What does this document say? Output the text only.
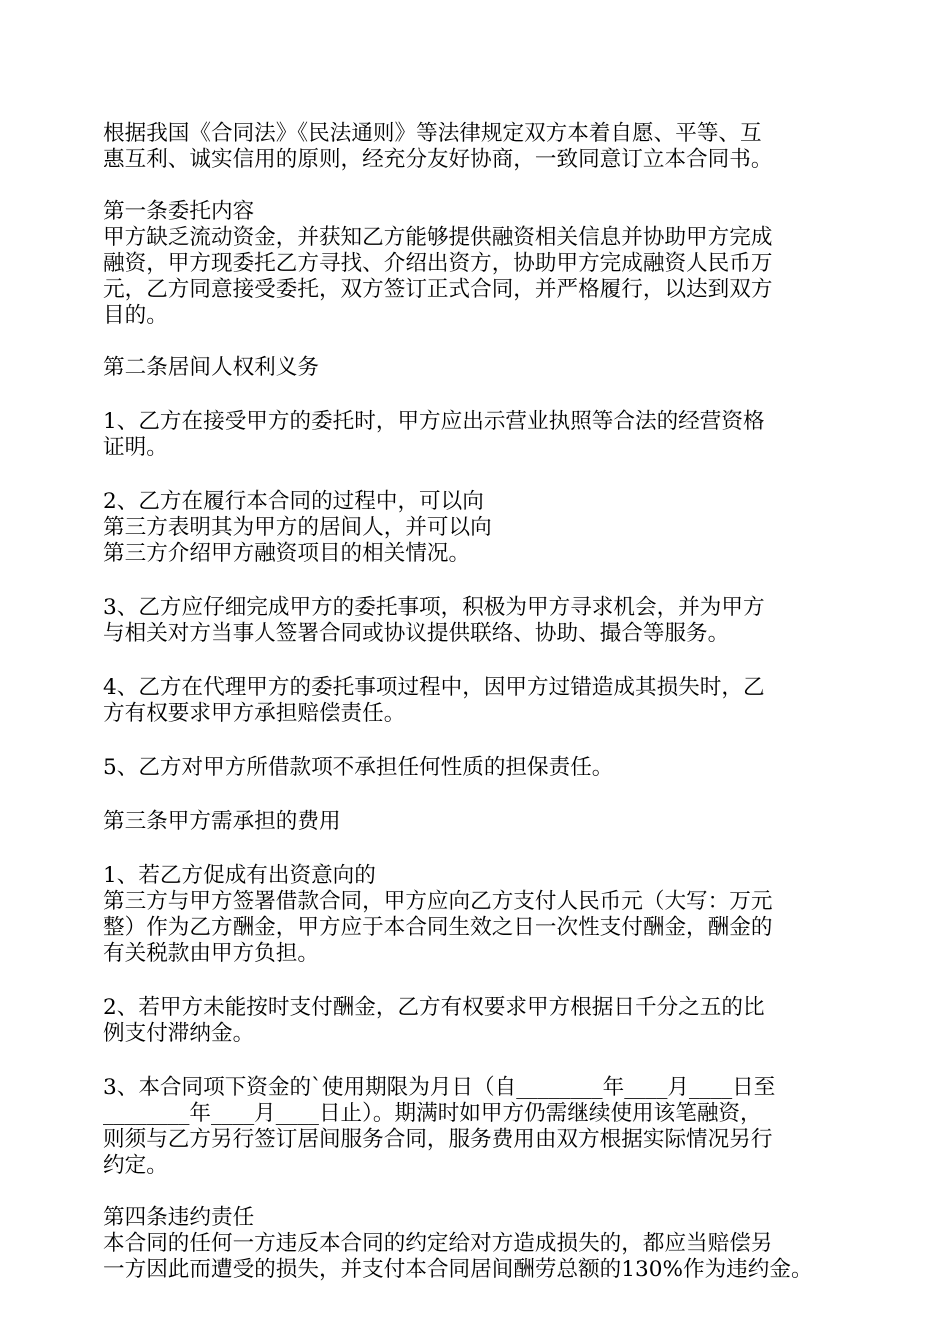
根据我国《合同法》《民法通则》等法律规定双方本着自愿、平等、互
惠互利、诚实信用的原则，经充分友好协商，一致同意订立本合同书。
第一条委托内容
甲方缺乏流动资金，并获知乙方能够提供融资相关信息并协助甲方完成
融资，甲方现委托乙方寻找、介绍出资方，协助甲方完成融资人民币万
元，乙方同意接受委托，双方签订正式合同，并严格履行，以达到双方
目的。
第二条居间人权利义务
1、乙方在接受甲方的委托时，甲方应出示营业执照等合法的经营资格
证明。
2、乙方在履行本合同的过程中，可以向
第三方表明其为甲方的居间人，并可以向
第三方介绍甲方融资项目的相关情况。
3、乙方应仔细完成甲方的委托事项，积极为甲方寻求机会，并为甲方
与相关对方当事人签署合同或协议提供联络、协助、撮合等服务。
4、乙方在代理甲方的委托事项过程中，因甲方过错造成其损失时，乙
方有权要求甲方承担赔偿责任。
5、乙方对甲方所借款项不承担任何性质的担保责任。
第三条甲方需承担的费用
1、若乙方促成有出资意向的
第三方与甲方签署借款合同，甲方应向乙方支付人民币元（大写：万元
整）作为乙方酬金，甲方应于本合同生效之日一次性支付酬金，酬金的
有关税款由甲方负担。
2、若甲方未能按时支付酬金，乙方有权要求甲方根据日千分之五的比
例支付滞纳金。
3、本合同项下资金的`使用期限为月日（自________年____月____日至
________年____月____日止）。期满时如甲方仍需继续使用该笔融资，
则须与乙方另行签订居间服务合同，服务费用由双方根据实际情况另行
约定。
第四条违约责任
本合同的任何一方违反本合同的约定给对方造成损失的，都应当赔偿另
一方因此而遭受的损失，并支付本合同居间酬劳总额的130%作为违约金。
